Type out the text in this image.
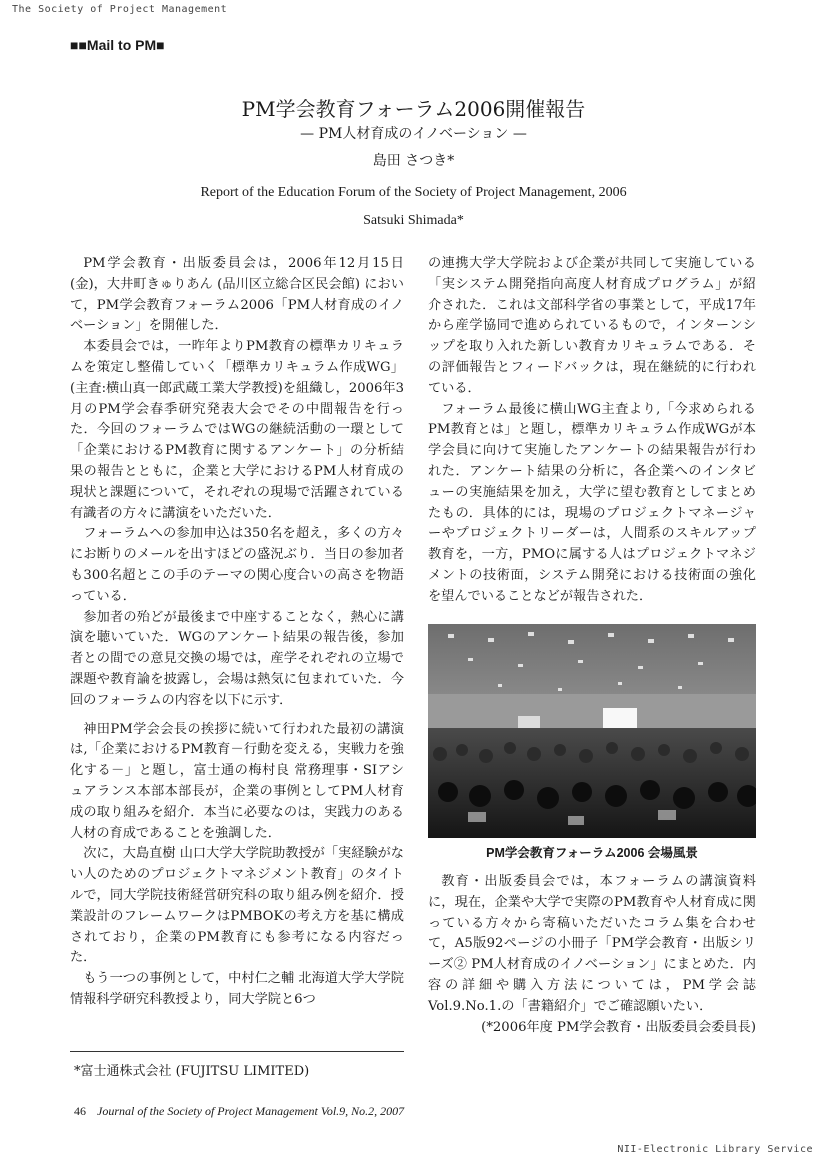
The Society of Project Management
■■Mail to PM■
PM学会教育フォーラム2006開催報告
— PM人材育成のイノベーション —
島田 さつき*
Report of the Education Forum of the Society of Project Management, 2006
Satsuki Shimada*

PM学会教育・出版委員会は，2006年12月15日(金)，大井町きゅりあん (品川区立総合区民会館) において，PM学会教育フォーラム2006「PM人材育成のイノベーション」を開催した．

本委員会では，一昨年よりPM教育の標準カリキュラムを策定し整備していく「標準カリキュラム作成WG」(主査:横山真一郎武蔵工業大学教授)を組織し，2006年3月のPM学会春季研究発表大会でその中間報告を行った．今回のフォーラムではWGの継続活動の一環として「企業におけるPM教育に関するアンケート」の分析結果の報告とともに，企業と大学におけるPM人材育成の現状と課題について，それぞれの現場で活躍されている有識者の方々に講演をいただいた．

フォーラムへの参加申込は350名を超え，多くの方々にお断りのメールを出すほどの盛況ぶり．当日の参加者も300名超とこの手のテーマの関心度合いの高さを物語っている．

参加者の殆どが最後まで中座することなく，熱心に講演を聴いていた．WGのアンケート結果の報告後，参加者との間での意見交換の場では，産学それぞれの立場で課題や教育論を披露し，会場は熱気に包まれていた．今回のフォーラムの内容を以下に示す．

神田PM学会会長の挨拶に続いて行われた最初の講演は,「企業におけるPM教育－行動を変える，実戦力を強化する－」と題し，富士通の梅村良 常務理事・SIアシュアランス本部本部長が，企業の事例としてPM人材育成の取り組みを紹介．本当に必要なのは，実践力のある人材の育成であることを強調した．

次に，大島直樹 山口大学大学院助教授が「実経験がない人のためのプロジェクトマネジメント教育」のタイトルで，同大学院技術経営研究科の取り組み例を紹介．授業設計のフレームワークはPMBOKの考え方を基に構成されており，企業のPM教育にも参考になる内容だった．

もう一つの事例として，中村仁之輔 北海道大学大学院情報科学研究科教授より，同大学院と6つ

の連携大学大学院および企業が共同して実施している「実システム開発指向高度人材育成プログラム」が紹介された．これは文部科学省の事業として，平成17年から産学協同で進められているもので，インターンシップを取り入れた新しい教育カリキュラムである．その評価報告とフィードバックは，現在継続的に行われている．

フォーラム最後に横山WG主査より,「今求められるPM教育とは」と題し，標準カリキュラム作成WGが本学会員に向けて実施したアンケートの結果報告が行われた．アンケート結果の分析に，各企業へのインタビューの実施結果を加え，大学に望む教育としてまとめたもの．具体的には，現場のプロジェクトマネージャーやプロジェクトリーダーは，人間系のスキルアップ教育を，一方，PMOに属する人はプロジェクトマネジメントの技術面，システム開発における技術面の強化を望んでいることなどが報告された．

PM学会教育フォーラム2006 会場風景

教育・出版委員会では，本フォーラムの講演資料に，現在，企業や大学で実際のPM教育や人材育成に関っている方々から寄稿いただいたコラム集を合わせて，A5版92ページの小冊子「PM学会教育・出版シリーズ② PM人材育成のイノベーション」にまとめた．内容の詳細や購入方法については，PM学会誌Vol.9.No.1.の「書籍紹介」でご確認願いたい．

(*2006年度 PM学会教育・出版委員会委員長)

*富士通株式会社 (FUJITSU LIMITED)
46 Journal of the Society of Project Management Vol.9, No.2, 2007
NII-Electronic Library Service
